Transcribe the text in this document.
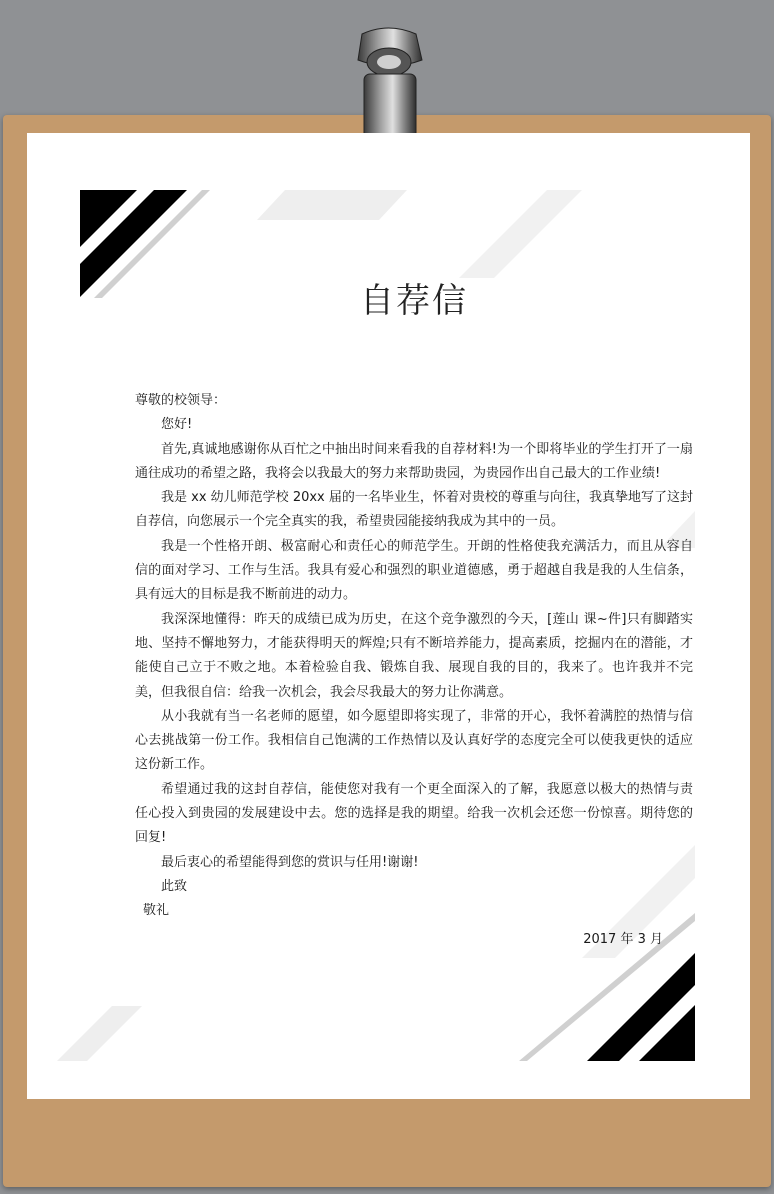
自荐信

尊敬的校领导：

您好!

首先,真诚地感谢你从百忙之中抽出时间来看我的自荐材料!为一个即将毕业的学生打开了一扇通往成功的希望之路，我将会以我最大的努力来帮助贵园，为贵园作出自己最大的工作业绩!

我是 xx 幼儿师范学校 20xx 届的一名毕业生，怀着对贵校的尊重与向往，我真挚地写了这封自荐信，向您展示一个完全真实的我，希望贵园能接纳我成为其中的一员。

我是一个性格开朗、极富耐心和责任心的师范学生。开朗的性格使我充满活力，而且从容自信的面对学习、工作与生活。我具有爱心和强烈的职业道德感，勇于超越自我是我的人生信条，具有远大的目标是我不断前进的动力。

我深深地懂得：昨天的成绩已成为历史，在这个竞争激烈的今天，[莲山 课~件]只有脚踏实地、坚持不懈地努力，才能获得明天的辉煌;只有不断培养能力，提高素质，挖掘内在的潜能，才能使自己立于不败之地。本着检验自我、锻炼自我、展现自我的目的，我来了。也许我并不完美，但我很自信：给我一次机会，我会尽我最大的努力让你满意。

从小我就有当一名老师的愿望，如今愿望即将实现了，非常的开心，我怀着满腔的热情与信心去挑战第一份工作。我相信自己饱满的工作热情以及认真好学的态度完全可以使我更快的适应这份新工作。

希望通过我的这封自荐信，能使您对我有一个更全面深入的了解，我愿意以极大的热情与责任心投入到贵园的发展建设中去。您的选择是我的期望。给我一次机会还您一份惊喜。期待您的回复!

最后衷心的希望能得到您的赏识与任用!谢谢!

此致

敬礼

2017 年 3 月
